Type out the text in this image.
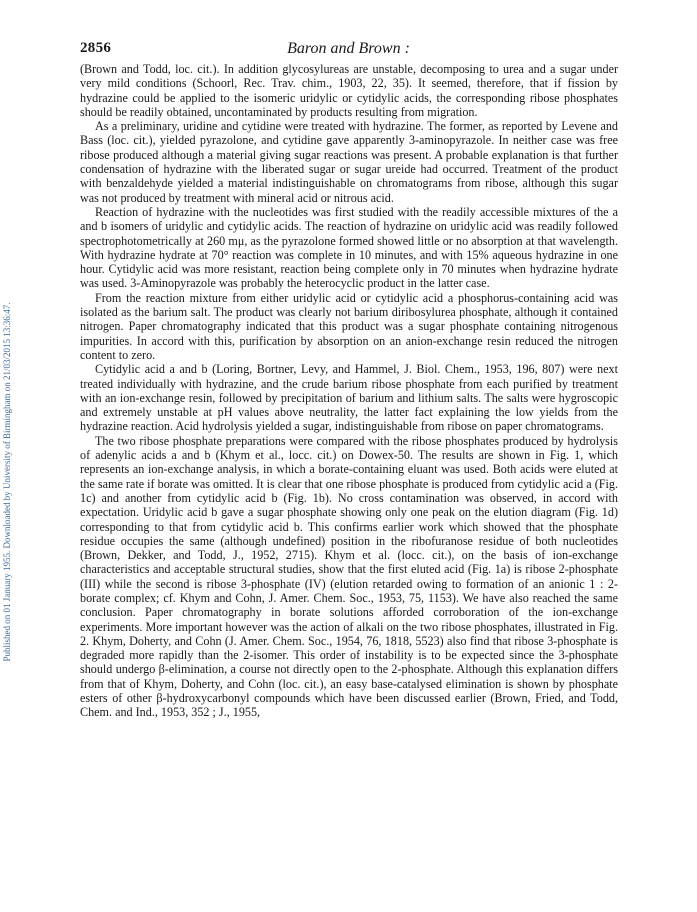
2856	Baron and Brown :
Published on 01 January 1955. Downloaded by University of Birmingham on 21/03/2015 13:36:47.

(Brown and Todd, loc. cit.). In addition glycosylureas are unstable, decomposing to urea and a sugar under very mild conditions (Schoorl, Rec. Trav. chim., 1903, 22, 35). It seemed, therefore, that if fission by hydrazine could be applied to the isomeric uridylic or cytidylic acids, the corresponding ribose phosphates should be readily obtained, uncontaminated by products resulting from migration.

As a preliminary, uridine and cytidine were treated with hydrazine. The former, as reported by Levene and Bass (loc. cit.), yielded pyrazolone, and cytidine gave apparently 3-aminopyrazole. In neither case was free ribose produced although a material giving sugar reactions was present. A probable explanation is that further condensation of hydrazine with the liberated sugar or sugar ureide had occurred. Treatment of the product with benzaldehyde yielded a material indistinguishable on chromatograms from ribose, although this sugar was not produced by treatment with mineral acid or nitrous acid.

Reaction of hydrazine with the nucleotides was first studied with the readily accessible mixtures of the a and b isomers of uridylic and cytidylic acids. The reaction of hydrazine on uridylic acid was readily followed spectrophotometrically at 260 mμ, as the pyrazolone formed showed little or no absorption at that wavelength. With hydrazine hydrate at 70° reaction was complete in 10 minutes, and with 15% aqueous hydrazine in one hour. Cytidylic acid was more resistant, reaction being complete only in 70 minutes when hydrazine hydrate was used. 3-Aminopyrazole was probably the heterocyclic product in the latter case.

From the reaction mixture from either uridylic acid or cytidylic acid a phosphorus-containing acid was isolated as the barium salt. The product was clearly not barium diribosylurea phosphate, although it contained nitrogen. Paper chromatography indicated that this product was a sugar phosphate containing nitrogenous impurities. In accord with this, purification by absorption on an anion-exchange resin reduced the nitrogen content to zero.

Cytidylic acid a and b (Loring, Bortner, Levy, and Hammel, J. Biol. Chem., 1953, 196, 807) were next treated individually with hydrazine, and the crude barium ribose phosphate from each purified by treatment with an ion-exchange resin, followed by precipitation of barium and lithium salts. The salts were hygroscopic and extremely unstable at pH values above neutrality, the latter fact explaining the low yields from the hydrazine reaction. Acid hydrolysis yielded a sugar, indistinguishable from ribose on paper chromatograms.

The two ribose phosphate preparations were compared with the ribose phosphates produced by hydrolysis of adenylic acids a and b (Khym et al., locc. cit.) on Dowex-50. The results are shown in Fig. 1, which represents an ion-exchange analysis, in which a borate-containing eluant was used. Both acids were eluted at the same rate if borate was omitted. It is clear that one ribose phosphate is produced from cytidylic acid a (Fig. 1c) and another from cytidylic acid b (Fig. 1b). No cross contamination was observed, in accord with expectation. Uridylic acid b gave a sugar phosphate showing only one peak on the elution diagram (Fig. 1d) corresponding to that from cytidylic acid b. This confirms earlier work which showed that the phosphate residue occupies the same (although undefined) position in the ribofuranose residue of both nucleotides (Brown, Dekker, and Todd, J., 1952, 2715). Khym et al. (locc. cit.), on the basis of ion-exchange characteristics and acceptable structural studies, show that the first eluted acid (Fig. 1a) is ribose 2-phosphate (III) while the second is ribose 3-phosphate (IV) (elution retarded owing to formation of an anionic 1 : 2-borate complex; cf. Khym and Cohn, J. Amer. Chem. Soc., 1953, 75, 1153). We have also reached the same conclusion. Paper chromatography in borate solutions afforded corroboration of the ion-exchange experiments. More important however was the action of alkali on the two ribose phosphates, illustrated in Fig. 2. Khym, Doherty, and Cohn (J. Amer. Chem. Soc., 1954, 76, 1818, 5523) also find that ribose 3-phosphate is degraded more rapidly than the 2-isomer. This order of instability is to be expected since the 3-phosphate should undergo β-elimination, a course not directly open to the 2-phosphate. Although this explanation differs from that of Khym, Doherty, and Cohn (loc. cit.), an easy base-catalysed elimination is shown by phosphate esters of other β-hydroxycarbonyl compounds which have been discussed earlier (Brown, Fried, and Todd, Chem. and Ind., 1953, 352 ; J., 1955,
